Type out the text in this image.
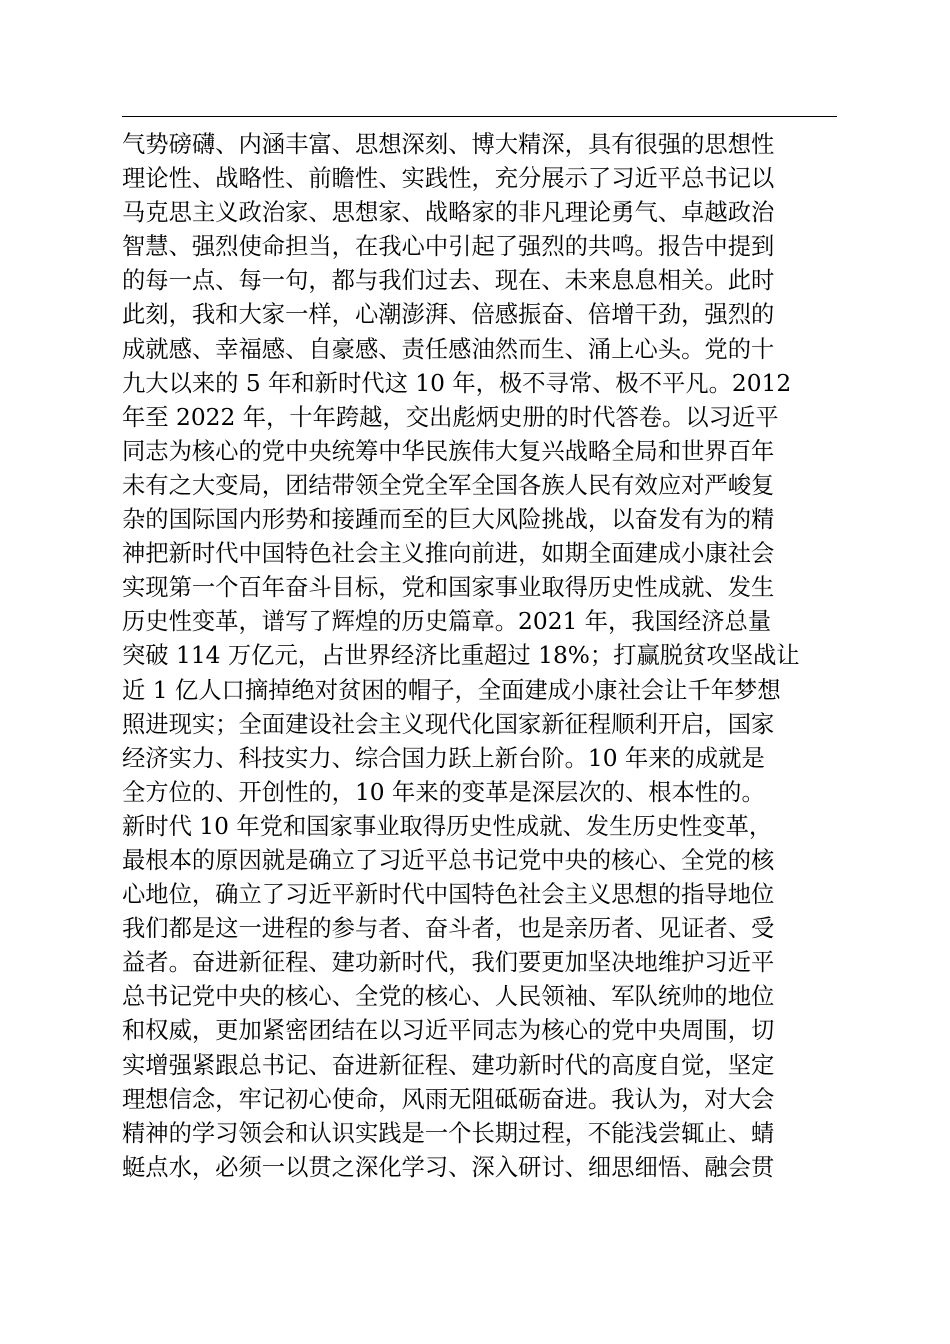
气势磅礴、内涵丰富、思想深刻、博大精深，具有很强的思想性
理论性、战略性、前瞻性、实践性，充分展示了习近平总书记以
马克思主义政治家、思想家、战略家的非凡理论勇气、卓越政治
智慧、强烈使命担当，在我心中引起了强烈的共鸣。报告中提到
的每一点、每一句，都与我们过去、现在、未来息息相关。此时
此刻，我和大家一样，心潮澎湃、倍感振奋、倍增干劲，强烈的
成就感、幸福感、自豪感、责任感油然而生、涌上心头。党的十
九大以来的 5 年和新时代这 10 年，极不寻常、极不平凡。2012
年至 2022 年，十年跨越，交出彪炳史册的时代答卷。以习近平
同志为核心的党中央统筹中华民族伟大复兴战略全局和世界百年
未有之大变局，团结带领全党全军全国各族人民有效应对严峻复
杂的国际国内形势和接踵而至的巨大风险挑战，以奋发有为的精
神把新时代中国特色社会主义推向前进，如期全面建成小康社会
实现第一个百年奋斗目标，党和国家事业取得历史性成就、发生
历史性变革，谱写了辉煌的历史篇章。2021 年，我国经济总量
突破 114 万亿元，占世界经济比重超过 18%；打赢脱贫攻坚战让
近 1 亿人口摘掉绝对贫困的帽子，全面建成小康社会让千年梦想
照进现实；全面建设社会主义现代化国家新征程顺利开启，国家
经济实力、科技实力、综合国力跃上新台阶。10 年来的成就是
全方位的、开创性的，10 年来的变革是深层次的、根本性的。
新时代 10 年党和国家事业取得历史性成就、发生历史性变革，
最根本的原因就是确立了习近平总书记党中央的核心、全党的核
心地位，确立了习近平新时代中国特色社会主义思想的指导地位
我们都是这一进程的参与者、奋斗者，也是亲历者、见证者、受
益者。奋进新征程、建功新时代，我们要更加坚决地维护习近平
总书记党中央的核心、全党的核心、人民领袖、军队统帅的地位
和权威，更加紧密团结在以习近平同志为核心的党中央周围，切
实增强紧跟总书记、奋进新征程、建功新时代的高度自觉，坚定
理想信念，牢记初心使命，风雨无阻砥砺奋进。我认为，对大会
精神的学习领会和认识实践是一个长期过程，不能浅尝辄止、蜻
蜓点水，必须一以贯之深化学习、深入研讨、细思细悟、融会贯
